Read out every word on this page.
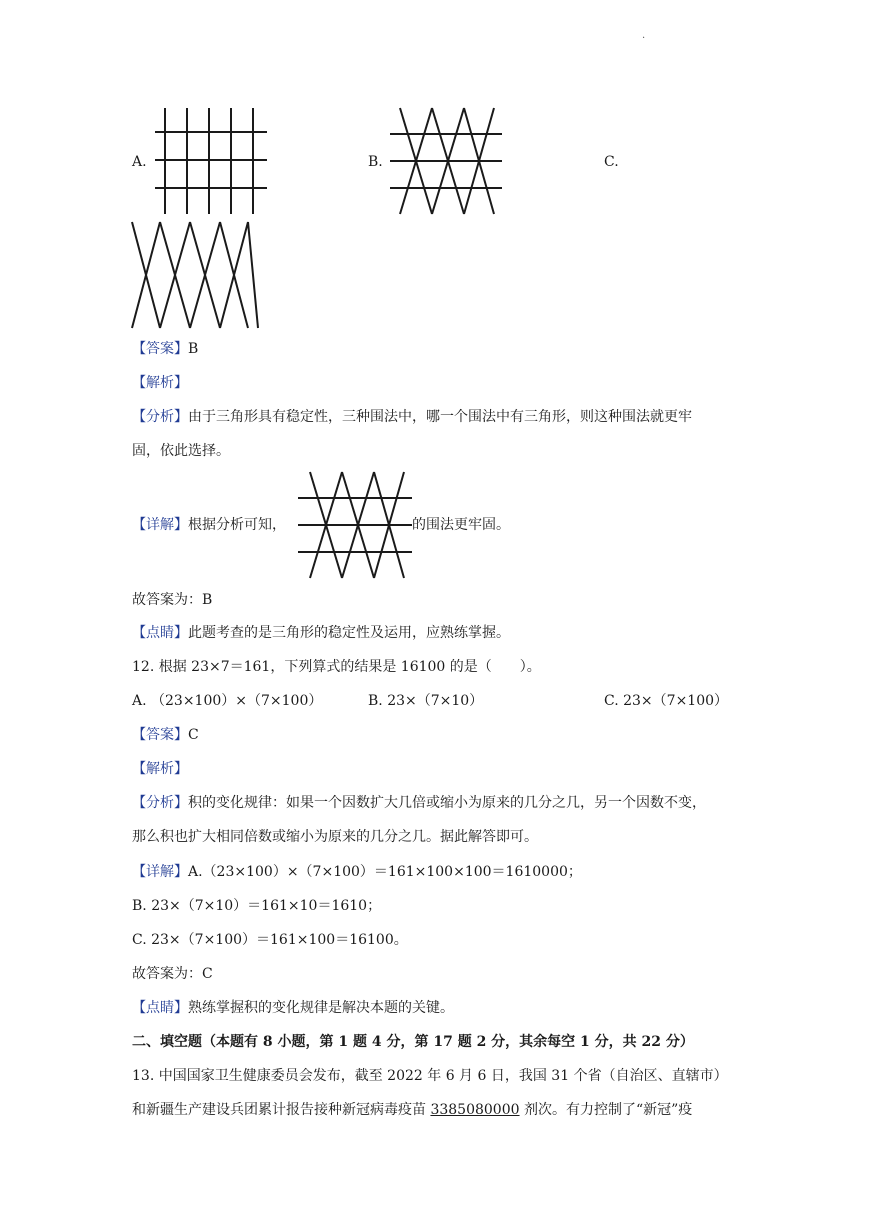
.
A.	B.	C.
【答案】B
【解析】
【分析】由于三角形具有稳定性，三种围法中，哪一个围法中有三角形，则这种围法就更牢
固，依此选择。
【详解】根据分析可知，	的围法更牢固。
故答案为：B
【点睛】此题考查的是三角形的稳定性及运用，应熟练掌握。
12. 根据 23×7＝161，下列算式的结果是 16100 的是（　　）。
A. （23×100）×（7×100）	B. 23×（7×10）	C. 23×（7×100）
【答案】C
【解析】
【分析】积的变化规律：如果一个因数扩大几倍或缩小为原来的几分之几，另一个因数不变，
那么积也扩大相同倍数或缩小为原来的几分之几。据此解答即可。
【详解】A.（23×100）×（7×100）＝161×100×100＝1610000；
B. 23×（7×10）＝161×10＝1610；
C. 23×（7×100）＝161×100＝16100。
故答案为：C
【点睛】熟练掌握积的变化规律是解决本题的关键。
二、填空题（本题有 8 小题，第 1 题 4 分，第 17 题 2 分，其余每空 1 分，共 22 分）
13. 中国国家卫生健康委员会发布，截至 2022 年 6 月 6 日，我国 31 个省（自治区、直辖市）
和新疆生产建设兵团累计报告接种新冠病毒疫苗 3385080000 剂次。有力控制了“新冠”疫
